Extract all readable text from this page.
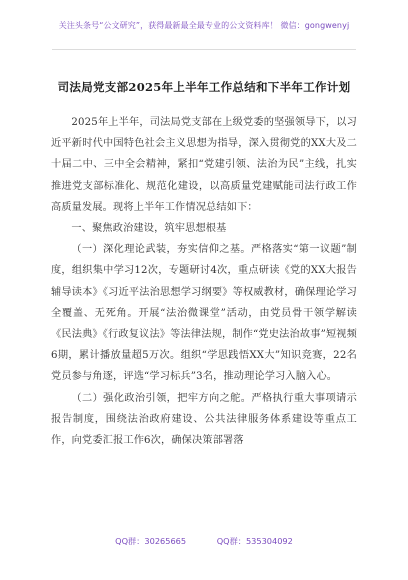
关注头条号“公文研究”，获得最新最全最专业的公文资料库！ 微信：gongwenyj
司法局党支部2025年上半年工作总结和下半年工作计划

2025年上半年，司法局党支部在上级党委的坚强领导下，以习近平新时代中国特色社会主义思想为指导，深入贯彻党的XX大及二十届二中、三中全会精神，紧扣“党建引领、法治为民”主线，扎实推进党支部标准化、规范化建设，以高质量党建赋能司法行政工作高质量发展。现将上半年工作情况总结如下：

一、聚焦政治建设，筑牢思想根基

（一）深化理论武装，夯实信仰之基。严格落实“第一议题”制度，组织集中学习12次，专题研讨4次，重点研读《党的XX大报告辅导读本》《习近平法治思想学习纲要》等权威教材，确保理论学习全覆盖、无死角。开展“法治微课堂”活动，由党员骨干领学解读《民法典》《行政复议法》等法律法规，制作“党史法治故事”短视频6期，累计播放量超5万次。组织“学思践悟XX大”知识竞赛，22名党员参与角逐，评选“学习标兵”3名，推动理论学习入脑入心。

（二）强化政治引领，把牢方向之舵。严格执行重大事项请示报告制度，围绕法治政府建设、公共法律服务体系建设等重点工作，向党委汇报工作6次，确保决策部署落

QQ群：30265665	QQ群：535304092
